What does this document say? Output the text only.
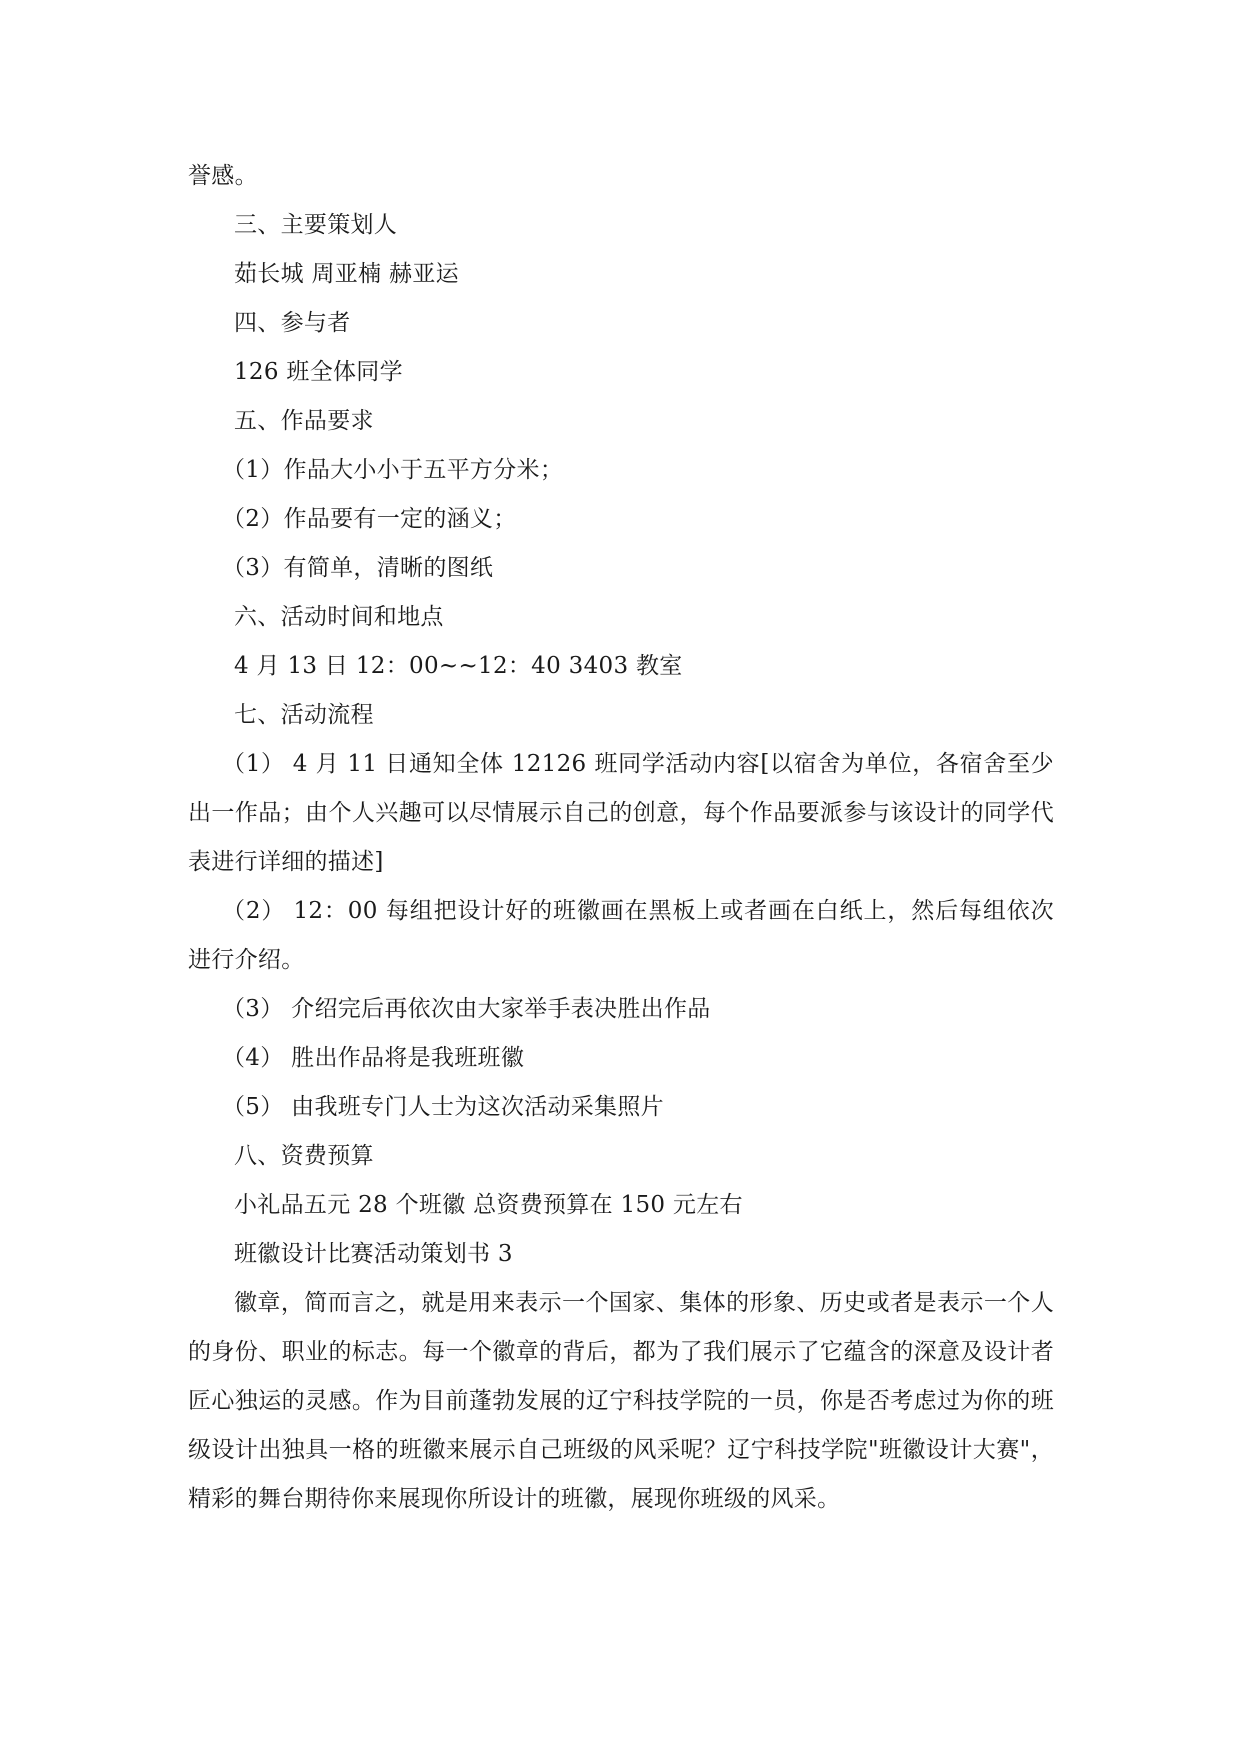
誉感。
三、主要策划人
茹长城 周亚楠 赫亚运
四、参与者
126 班全体同学
五、作品要求
（1）作品大小小于五平方分米；
（2）作品要有一定的涵义；
（3）有简单，清晰的图纸
六、活动时间和地点
4 月 13 日 12：00~~12：40 3403 教室
七、活动流程
（1） 4 月 11 日通知全体 12126 班同学活动内容[以宿舍为单位，各宿舍至少出一作品；由个人兴趣可以尽情展示自己的创意，每个作品要派参与该设计的同学代表进行详细的描述]
（2） 12：00 每组把设计好的班徽画在黑板上或者画在白纸上，然后每组依次进行介绍。
（3） 介绍完后再依次由大家举手表决胜出作品
（4） 胜出作品将是我班班徽
（5） 由我班专门人士为这次活动采集照片
八、资费预算
小礼品五元 28 个班徽 总资费预算在 150 元左右
班徽设计比赛活动策划书 3
徽章，简而言之，就是用来表示一个国家、集体的形象、历史或者是表示一个人的身份、职业的标志。每一个徽章的背后，都为了我们展示了它蕴含的深意及设计者匠心独运的灵感。作为目前蓬勃发展的辽宁科技学院的一员，你是否考虑过为你的班级设计出独具一格的班徽来展示自己班级的风采呢？辽宁科技学院"班徽设计大赛"，精彩的舞台期待你来展现你所设计的班徽，展现你班级的风采。
